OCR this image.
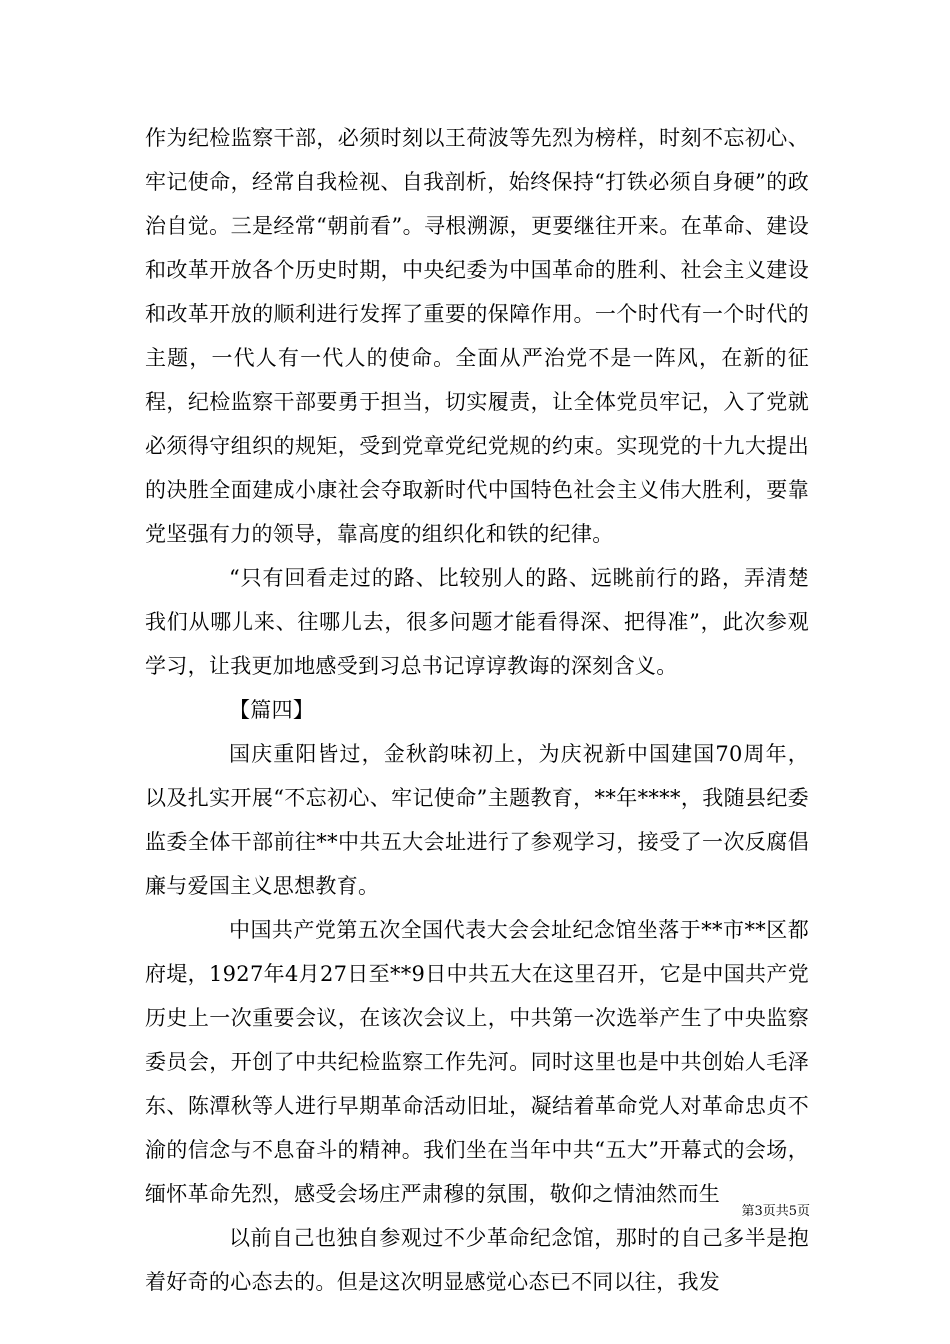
作为纪检监察干部，必须时刻以王荷波等先烈为榜样，时刻不忘初心、牢记使命，经常自我检视、自我剖析，始终保持“打铁必须自身硬”的政治自觉。三是经常“朝前看”。寻根溯源，更要继往开来。在革命、建设和改革开放各个历史时期，中央纪委为中国革命的胜利、社会主义建设和改革开放的顺利进行发挥了重要的保障作用。一个时代有一个时代的主题，一代人有一代人的使命。全面从严治党不是一阵风，在新的征程，纪检监察干部要勇于担当，切实履责，让全体党员牢记，入了党就必须得守组织的规矩，受到党章党纪党规的约束。实现党的十九大提出的决胜全面建成小康社会夺取新时代中国特色社会主义伟大胜利，要靠党坚强有力的领导，靠高度的组织化和铁的纪律。

“只有回看走过的路、比较别人的路、远眺前行的路，弄清楚我们从哪儿来、往哪儿去，很多问题才能看得深、把得准”，此次参观学习，让我更加地感受到习总书记谆谆教诲的深刻含义。

【篇四】

国庆重阳皆过，金秋韵味初上，为庆祝新中国建国70周年，以及扎实开展“不忘初心、牢记使命”主题教育，**年****，我随县纪委监委全体干部前往**中共五大会址进行了参观学习，接受了一次反腐倡廉与爱国主义思想教育。

中国共产党第五次全国代表大会会址纪念馆坐落于**市**区都府堤，1927年4月27日至**9日中共五大在这里召开，它是中国共产党历史上一次重要会议，在该次会议上，中共第一次选举产生了中央监察委员会，开创了中共纪检监察工作先河。同时这里也是中共创始人毛泽东、陈潭秋等人进行早期革命活动旧址，凝结着革命党人对革命忠贞不渝的信念与不息奋斗的精神。我们坐在当年中共“五大”开幕式的会场，缅怀革命先烈，感受会场庄严肃穆的氛围，敬仰之情油然而生

以前自己也独自参观过不少革命纪念馆，那时的自己多半是抱着好奇的心态去的。但是这次明显感觉心态已不同以往，我发

第3页共5页
